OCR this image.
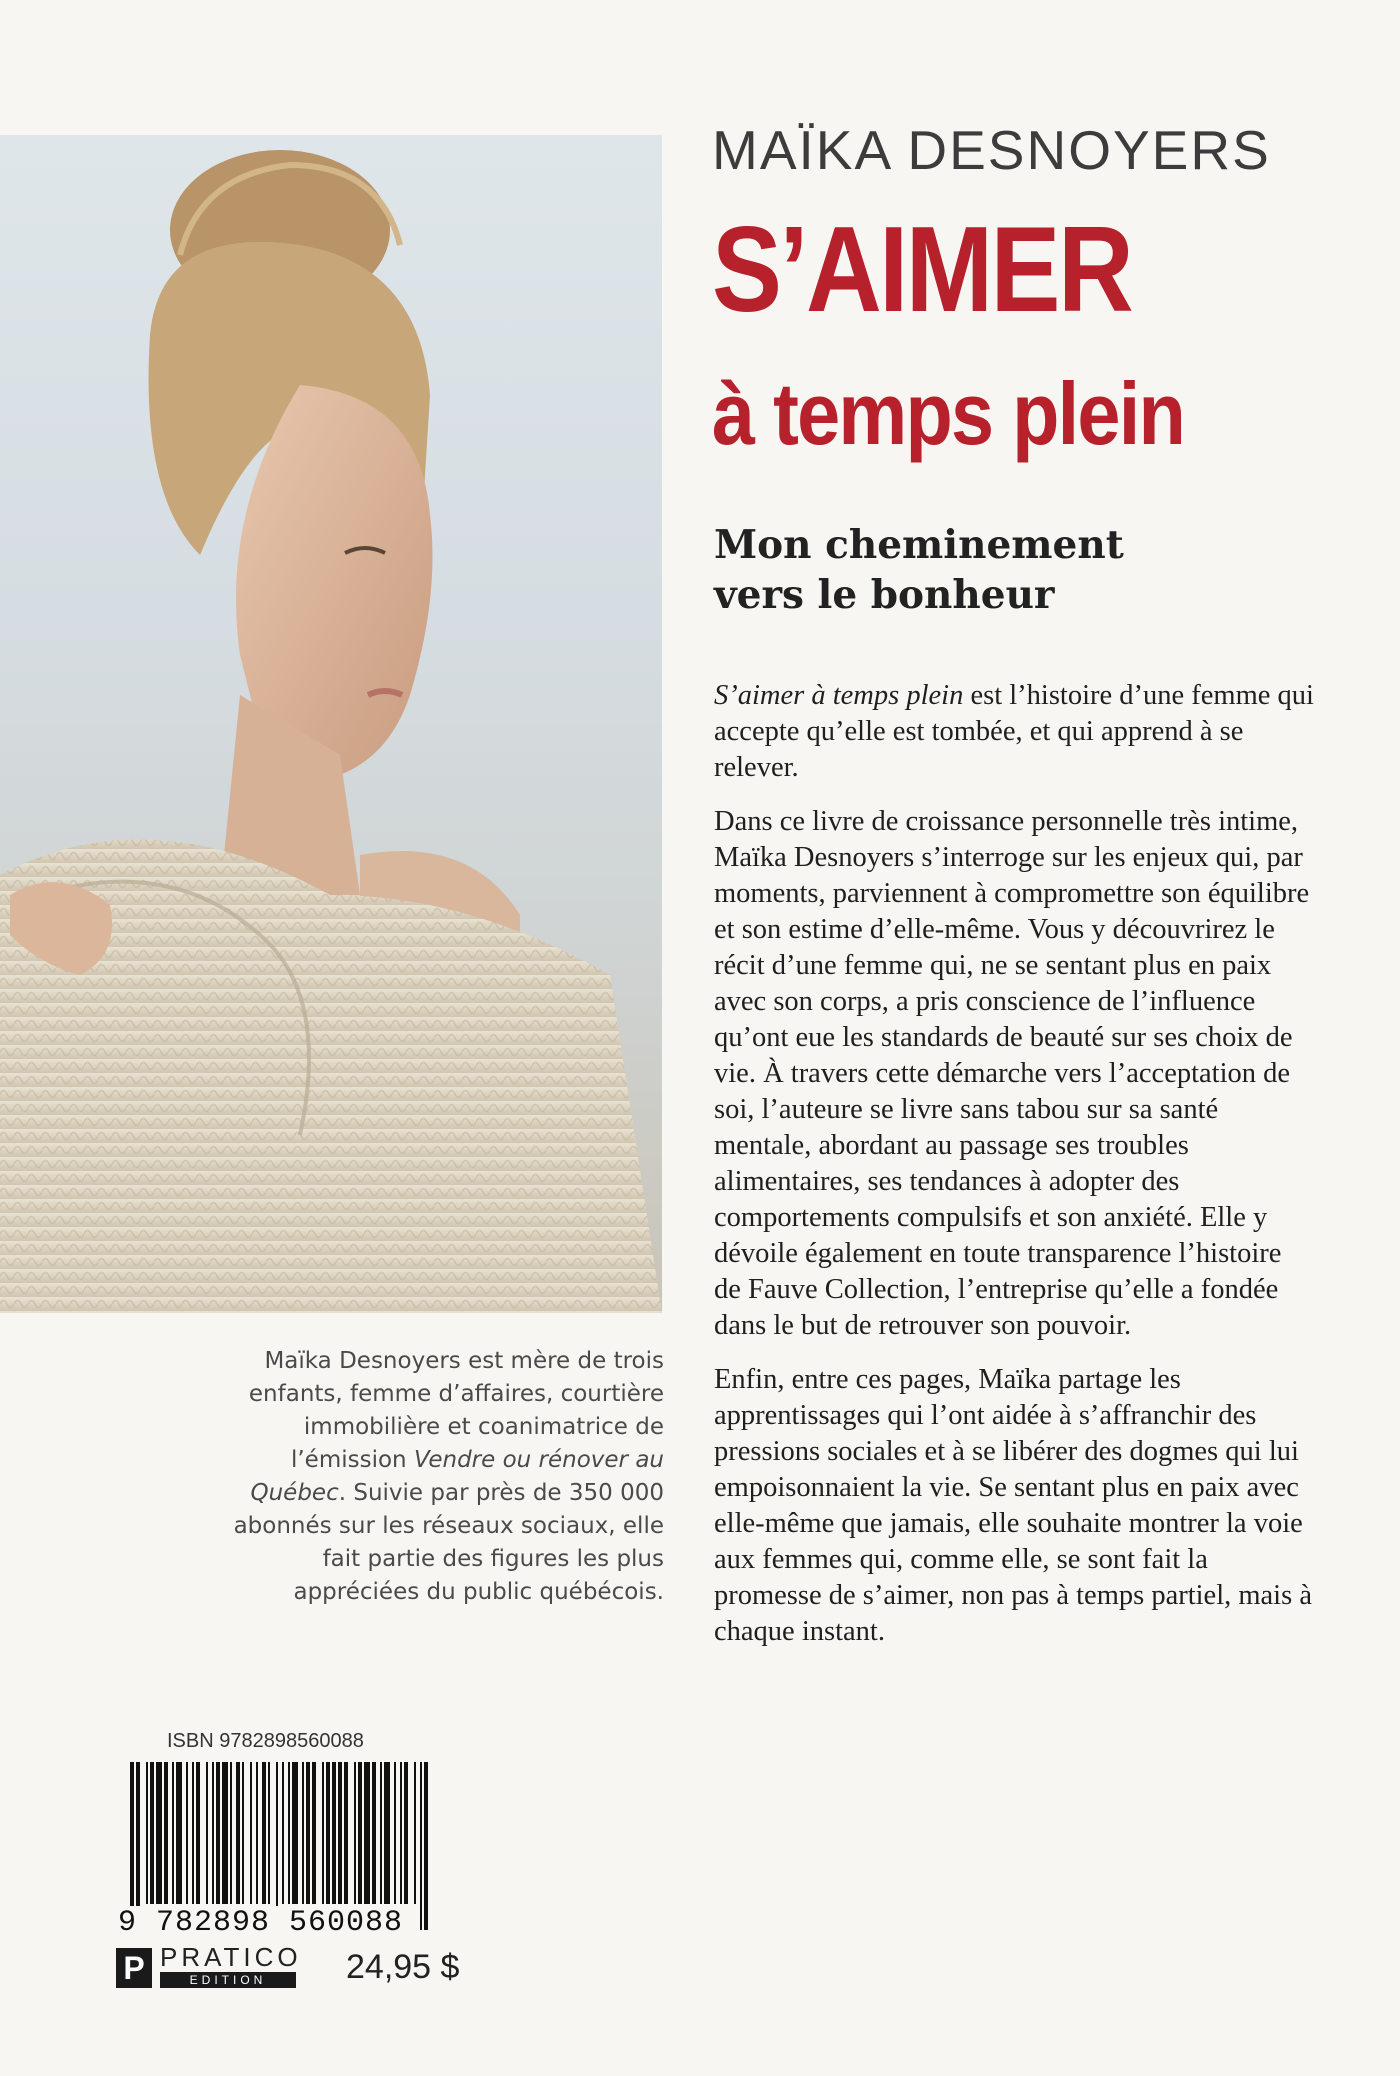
MAÏKA DESNOYERS
S’AIMER
à temps plein
Mon cheminement
vers le bonheur

S’aimer à temps plein est l’histoire d’une femme qui accepte qu’elle est tombée, et qui apprend à se relever.

Dans ce livre de croissance personnelle très intime, Maïka Desnoyers s’interroge sur les enjeux qui, par moments, parviennent à compromettre son équilibre et son estime d’elle-même. Vous y découvrirez le récit d’une femme qui, ne se sentant plus en paix avec son corps, a pris conscience de l’influence qu’ont eue les standards de beauté sur ses choix de vie. À travers cette démarche vers l’acceptation de soi, l’auteure se livre sans tabou sur sa santé mentale, abordant au passage ses troubles alimentaires, ses tendances à adopter des comportements compulsifs et son anxiété. Elle y dévoile également en toute transparence l’histoire de Fauve Collection, l’entreprise qu’elle a fondée dans le but de retrouver son pouvoir.

Enfin, entre ces pages, Maïka partage les apprentissages qui l’ont aidée à s’affranchir des pressions sociales et à se libérer des dogmes qui lui empoisonnaient la vie. Se sentant plus en paix avec elle-même que jamais, elle souhaite montrer la voie aux femmes qui, comme elle, se sont fait la promesse de s’aimer, non pas à temps partiel, mais à chaque instant.

Maïka Desnoyers est mère de trois enfants, femme d’affaires, courtière immobilière et coanimatrice de l’émission Vendre ou rénover au Québec. Suivie par près de 350 000 abonnés sur les réseaux sociaux, elle fait partie des figures les plus appréciées du public québécois.
ISBN 9782898560088
9 782898 560088
P PRATICO
EDITION	24,95 $
